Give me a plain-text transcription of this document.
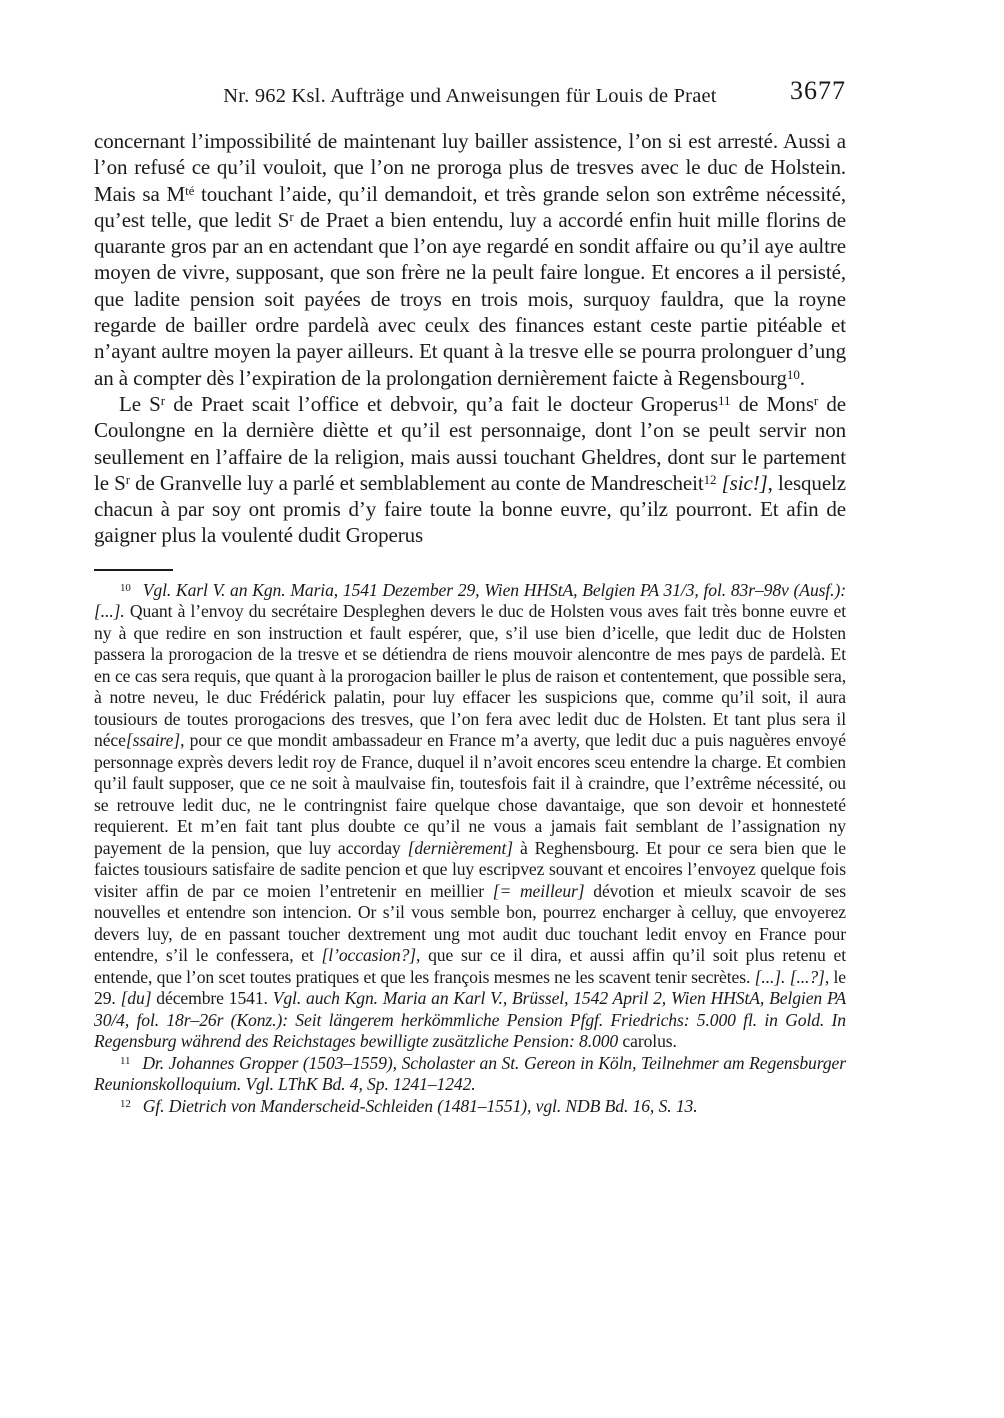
Nr. 962 Ksl. Aufträge und Anweisungen für Louis de Praet	3677

concernant l’impossibilité de maintenant luy bailler assistence, l’on si est arresté. Aussi a l’on refusé ce qu’il vouloit, que l’on ne proroga plus de tresves avec le duc de Holstein. Mais sa $M^{té}$ touchant l’aide, qu’il demandoit, et très grande selon son extrême nécessité, qu’est telle, que ledit $S^r$ de Praet a bien entendu, luy a accordé enfin huit mille florins de quarante gros par an en actendant que l’on aye regardé en sondit affaire ou qu’il aye aultre moyen de vivre, supposant, que son frère ne la peult faire longue. Et encores a il persisté, que ladite pension soit payées de troys en trois mois, surquoy fauldra, que la royne regarde de bailler ordre pardelà avec ceulx des finances estant ceste partie pitéable et n’ayant aultre moyen la payer ailleurs. Et quant à la tresve elle se pourra prolonguer d’ung an à compter dès l’expiration de la prolongation dernièrement faicte à Regensbourg$^{10}$.

Le $S^r$ de Praet scait l’office et debvoir, qu’a fait le docteur Groperus$^{11}$ de Mons$^r$ de Coulongne en la dernière diètte et qu’il est personnaige, dont l’on se peult servir non seullement en l’affaire de la religion, mais aussi touchant Gheldres, dont sur le partement le $S^r$ de Granvelle luy a parlé et semblablement au conte de Mandrescheit$^{12}$ [sic!], lesquelz chacun à par soy ont promis d’y faire toute la bonne euvre, qu’ilz pourront. Et afin de gaigner plus la voulenté dudit Groperus

$^{10}$ Vgl. Karl V. an Kgn. Maria, 1541 Dezember 29, Wien HHStA, Belgien PA 31/3, fol. 83r–98v (Ausf.): [...]. Quant à l’envoy du secrétaire Despleghen devers le duc de Holsten vous aves fait très bonne euvre et ny à que redire en son instruction et fault espérer, que, s’il use bien d’icelle, que ledit duc de Holsten passera la prorogacion de la tresve et se détiendra de riens mouvoir alencontre de mes pays de pardelà. Et en ce cas sera requis, que quant à la prorogacion bailler le plus de raison et contentement, que possible sera, à notre neveu, le duc Frédérick palatin, pour luy effacer les suspicions que, comme qu’il soit, il aura tousiours de toutes prorogacions des tresves, que l’on fera avec ledit duc de Holsten. Et tant plus sera il néce[ssaire], pour ce que mondit ambassadeur en France m’a averty, que ledit duc a puis naguères envoyé personnage exprès devers ledit roy de France, duquel il n’avoit encores sceu entendre la charge. Et combien qu’il fault supposer, que ce ne soit à maulvaise fin, toutesfois fait il à craindre, que l’extrême nécessité, ou se retrouve ledit duc, ne le contringnist faire quelque chose davantaige, que son devoir et honnesteté requierent. Et m’en fait tant plus doubte ce qu’il ne vous a jamais fait semblant de l’assignation ny payement de la pension, que luy accorday [dernièrement] à Reghensbourg. Et pour ce sera bien que le faictes tousiours satisfaire de sadite pencion et que luy escripvez souvant et encoires l’envoyez quelque fois visiter affin de par ce moien l’entretenir en meillier [= meilleur] dévotion et mieulx scavoir de ses nouvelles et entendre son intencion. Or s’il vous semble bon, pourrez encharger à celluy, que envoyerez devers luy, de en passant toucher dextrement ung mot audit duc touchant ledit envoy en France pour entendre, s’il le confessera, et [l’occasion?], que sur ce il dira, et aussi affin qu’il soit plus retenu et entende, que l’on scet toutes pratiques et que les françois mesmes ne les scavent tenir secrètes. [...]. [...?], le 29. [du] décembre 1541. Vgl. auch Kgn. Maria an Karl V., Brüssel, 1542 April 2, Wien HHStA, Belgien PA 30/4, fol. 18r–26r (Konz.): Seit längerem herkömmliche Pension Pfgf. Friedrichs: 5.000 fl. in Gold. In Regensburg während des Reichstages bewilligte zusätzliche Pension: 8.000 carolus.

$^{11}$ Dr. Johannes Gropper (1503–1559), Scholaster an St. Gereon in Köln, Teilnehmer am Regensburger Reunionskolloquium. Vgl. LThK Bd. 4, Sp. 1241–1242.

$^{12}$ Gf. Dietrich von Manderscheid-Schleiden (1481–1551), vgl. NDB Bd. 16, S. 13.
